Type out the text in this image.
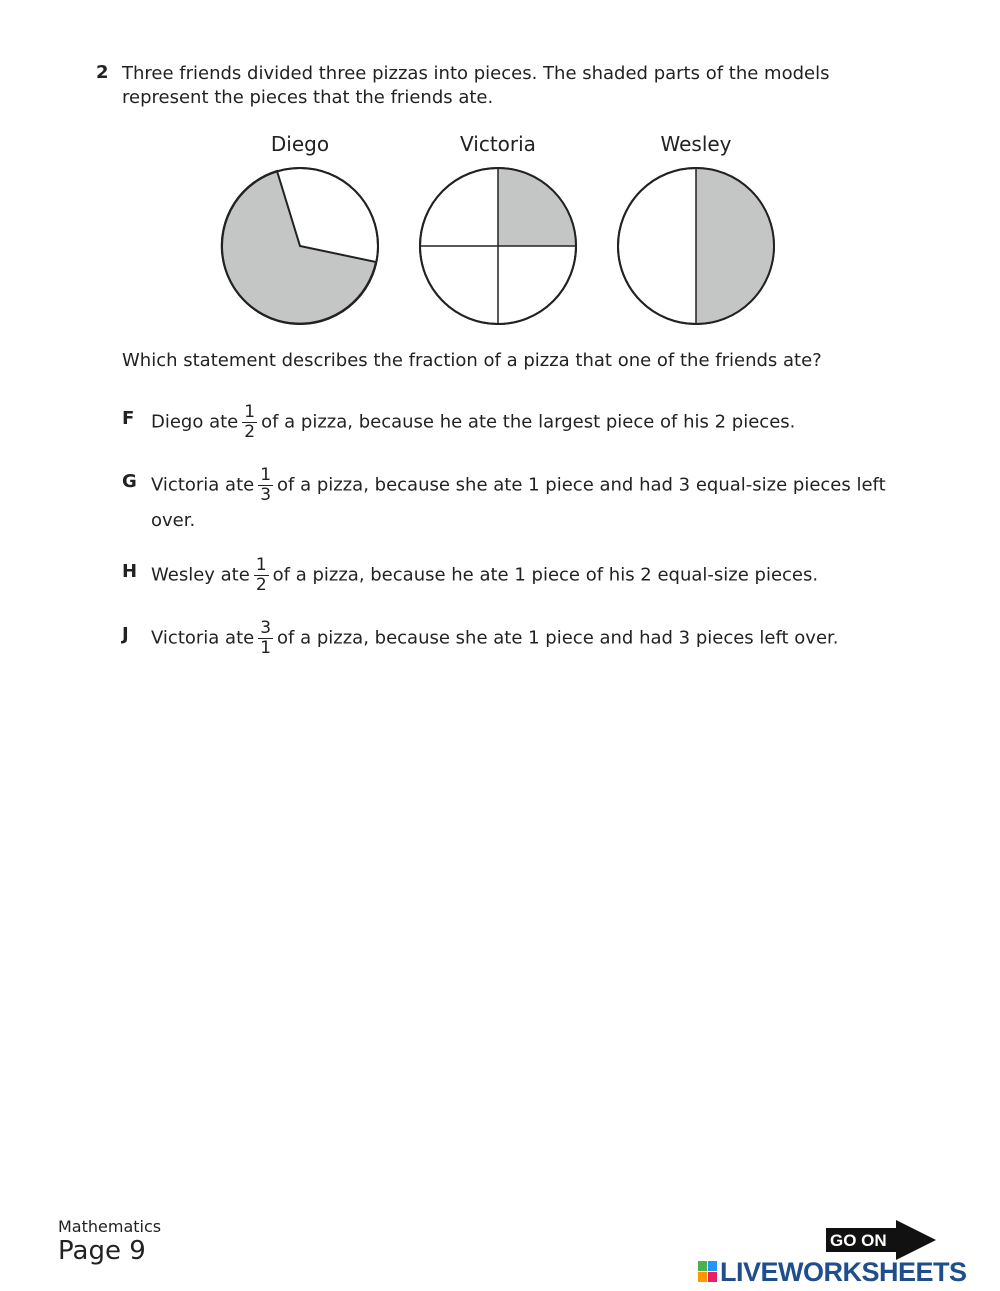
2 Three friends divided three pizzas into pieces. The shaded parts of the models represent the pieces that the friends ate.
Diego	Victoria	Wesley
Which statement describes the fraction of a pizza that one of the friends ate?
F Diego ate $\frac{1}{2}$ of a pizza, because he ate the largest piece of his 2 pieces.
G Victoria ate $\frac{1}{3}$ of a pizza, because she ate 1 piece and had 3 equal-size pieces left over.
H Wesley ate $\frac{1}{2}$ of a pizza, because he ate 1 piece of his 2 equal-size pieces.
J Victoria ate $\frac{3}{1}$ of a pizza, because she ate 1 piece and had 3 pieces left over.
Mathematics
Page 9	GO ON
LIVEWORKSHEETS
